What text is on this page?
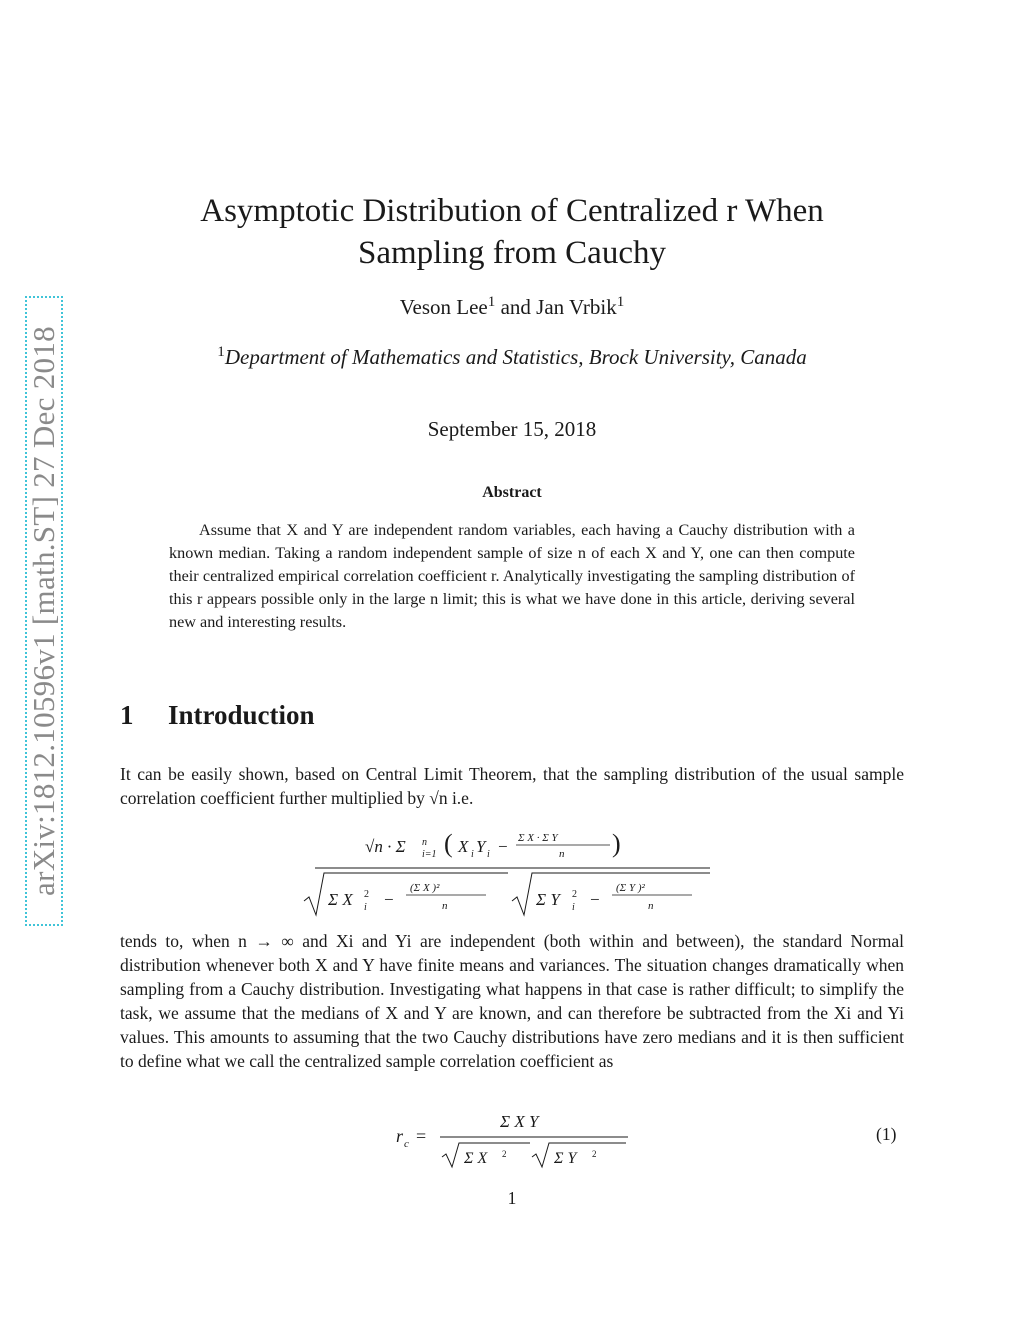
arXiv:1812.10596v1 [math.ST] 27 Dec 2018
Asymptotic Distribution of Centralized r When
Sampling from Cauchy
Veson Lee$^1$ and Jan Vrbik$^1$
$^1$Department of Mathematics and Statistics, Brock University, Canada
September 15, 2018
Abstract
Assume that X and Y are independent random variables, each having a Cauchy distribution with a known median. Taking a random independent sample of size n of each X and Y, one can then compute their centralized empirical correlation coefficient r. Analytically investigating the sampling distribution of this r appears possible only in the large n limit; this is what we have done in this article, deriving several new and interesting results.
1 Introduction
It can be easily shown, based on Central Limit Theorem, that the sampling distribution of the usual sample correlation coefficient further multiplied by √n i.e.
√n · Σ n
i=1 ( X i Y i − Σ X · Σ Y
n )
Σ X 2
i −
(Σ X )²
n	Σ Y 2
i −
(Σ Y )²
n
tends to, when n → ∞ and Xi and Yi are independent (both within and between), the standard Normal distribution whenever both X and Y have finite means and variances. The situation changes dramatically when sampling from a Cauchy distribution. Investigating what happens in that case is rather difficult; to simplify the task, we assume that the medians of X and Y are known, and can therefore be subtracted from the Xi and Yi values. This amounts to assuming that the two Cauchy distributions have zero medians and it is then sufficient to define what we call the centralized sample correlation coefficient as
r c =
Σ X Y
Σ X 2	Σ Y 2
(1)
1
